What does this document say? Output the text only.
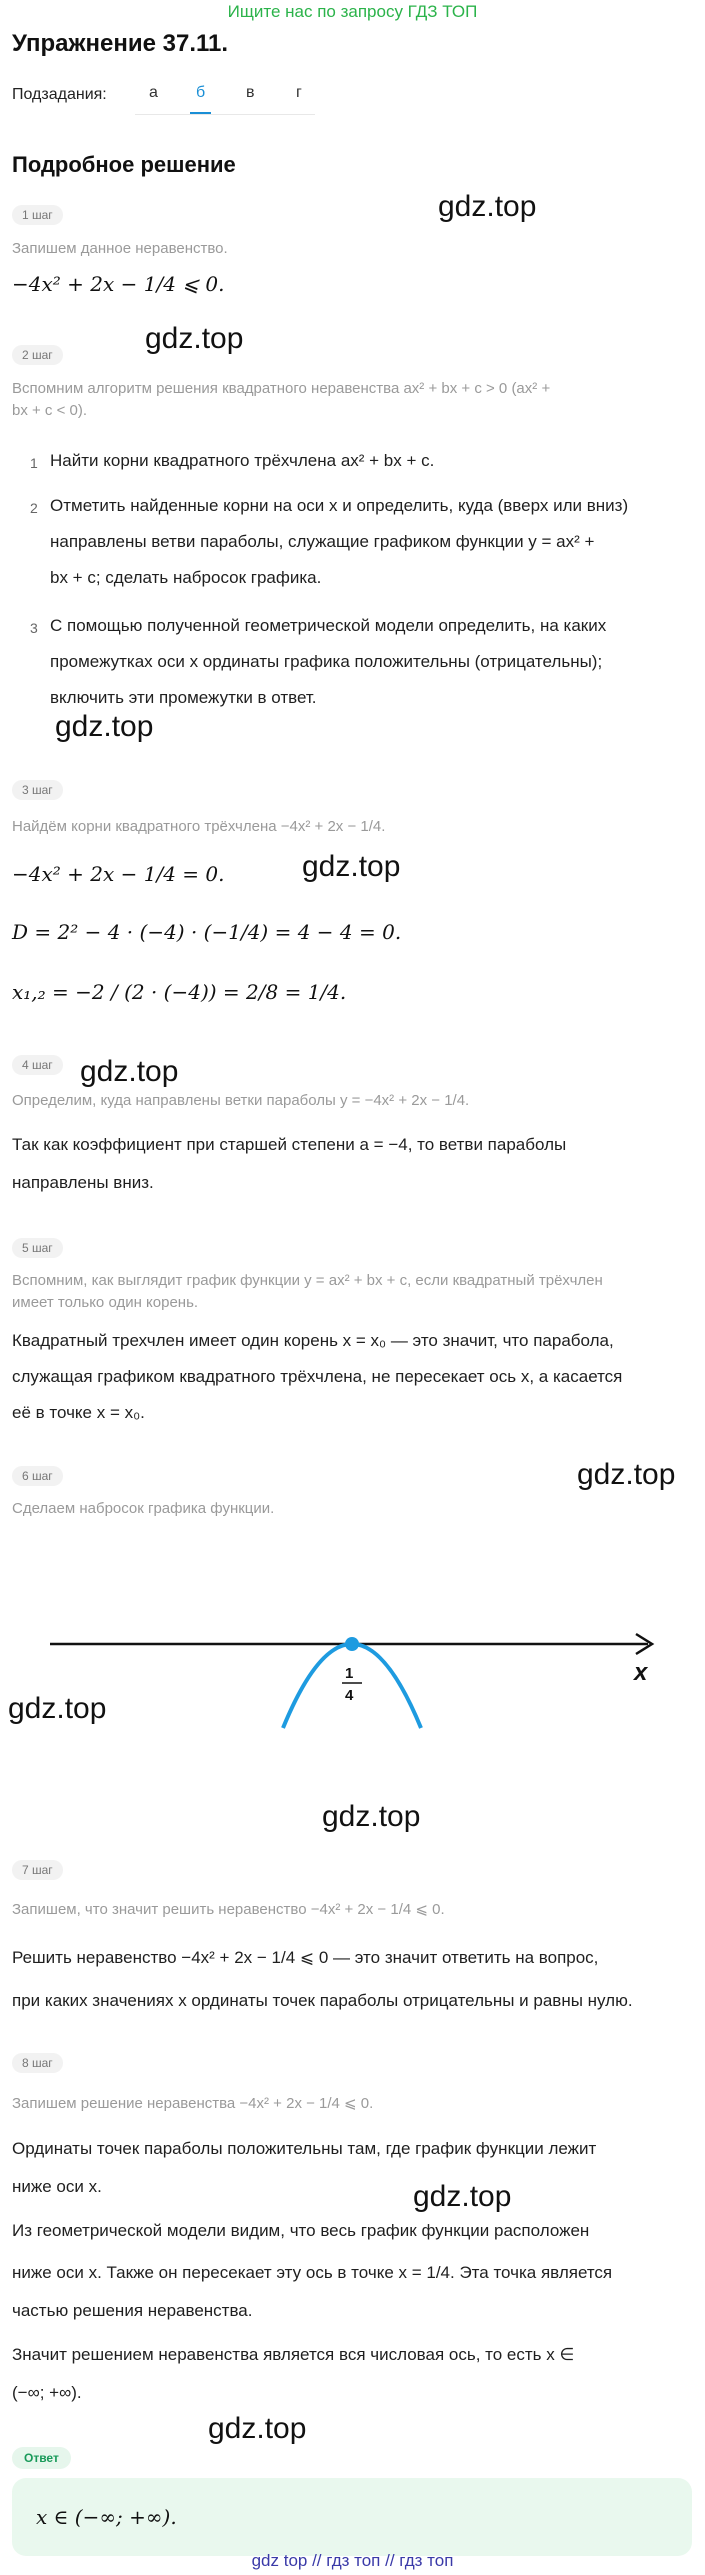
Ищите нас по запросу ГДЗ ТОП
Упражнение 37.11.
Подзадания:	а	б	в	г
Подробное решение
1 шаг
Запишем данное неравенство.
−4x² + 2x − 1/4 ⩽ 0.
2 шаг
Вспомним алгоритм решения квадратного неравенства ax² + bx + c > 0 (ax² +
bx + c < 0).
1 Найти корни квадратного трёхчлена ax² + bx + c.
2 Отметить найденные корни на оси x и определить, куда (вверх или вниз)
направлены ветви параболы, служащие графиком функции y = ax² +
bx + c; сделать набросок графика.
3 С помощью полученной геометрической модели определить, на каких
промежутках оси x ординаты графика положительны (отрицательны);
включить эти промежутки в ответ.
3 шаг
Найдём корни квадратного трёхчлена −4x² + 2x − 1/4.
−4x² + 2x − 1/4 = 0.
D = 2² − 4 · (−4) · (−1/4) = 4 − 4 = 0.
x₁,₂ = −2 / (2 · (−4)) = 2/8 = 1/4.
4 шаг
Определим, куда направлены ветки параболы y = −4x² + 2x − 1/4.
Так как коэффициент при старшей степени a = −4, то ветви параболы
направлены вниз.
5 шаг
Вспомним, как выглядит график функции y = ax² + bx + c, если квадратный трёхчлен
имеет только один корень.
Квадратный трехчлен имеет один корень x = x₀ — это значит, что парабола,
служащая графиком квадратного трёхчлена, не пересекает ось x, а касается
её в точке x = x₀.
6 шаг
Сделаем набросок графика функции.
x
1
4
7 шаг
Запишем, что значит решить неравенство −4x² + 2x − 1/4 ⩽ 0.
Решить неравенство −4x² + 2x − 1/4 ⩽ 0 — это значит ответить на вопрос,
при каких значениях x ординаты точек параболы отрицательны и равны нулю.
8 шаг
Запишем решение неравенства −4x² + 2x − 1/4 ⩽ 0.
Ординаты точек параболы положительны там, где график функции лежит
ниже оси x.
Из геометрической модели видим, что весь график функции расположен
ниже оси x. Также он пересекает эту ось в точке x = 1/4. Эта точка является
частью решения неравенства.
Значит решением неравенства является вся числовая ось, то есть x ∈
(−∞; +∞).
gdz.top
gdz.top
gdz.top
gdz.top
gdz.top
gdz.top
gdz.top
gdz.top
gdz.top
gdz.top
Ответ
x ∈ (−∞; +∞).
gdz top // гдз топ // гдз топ
